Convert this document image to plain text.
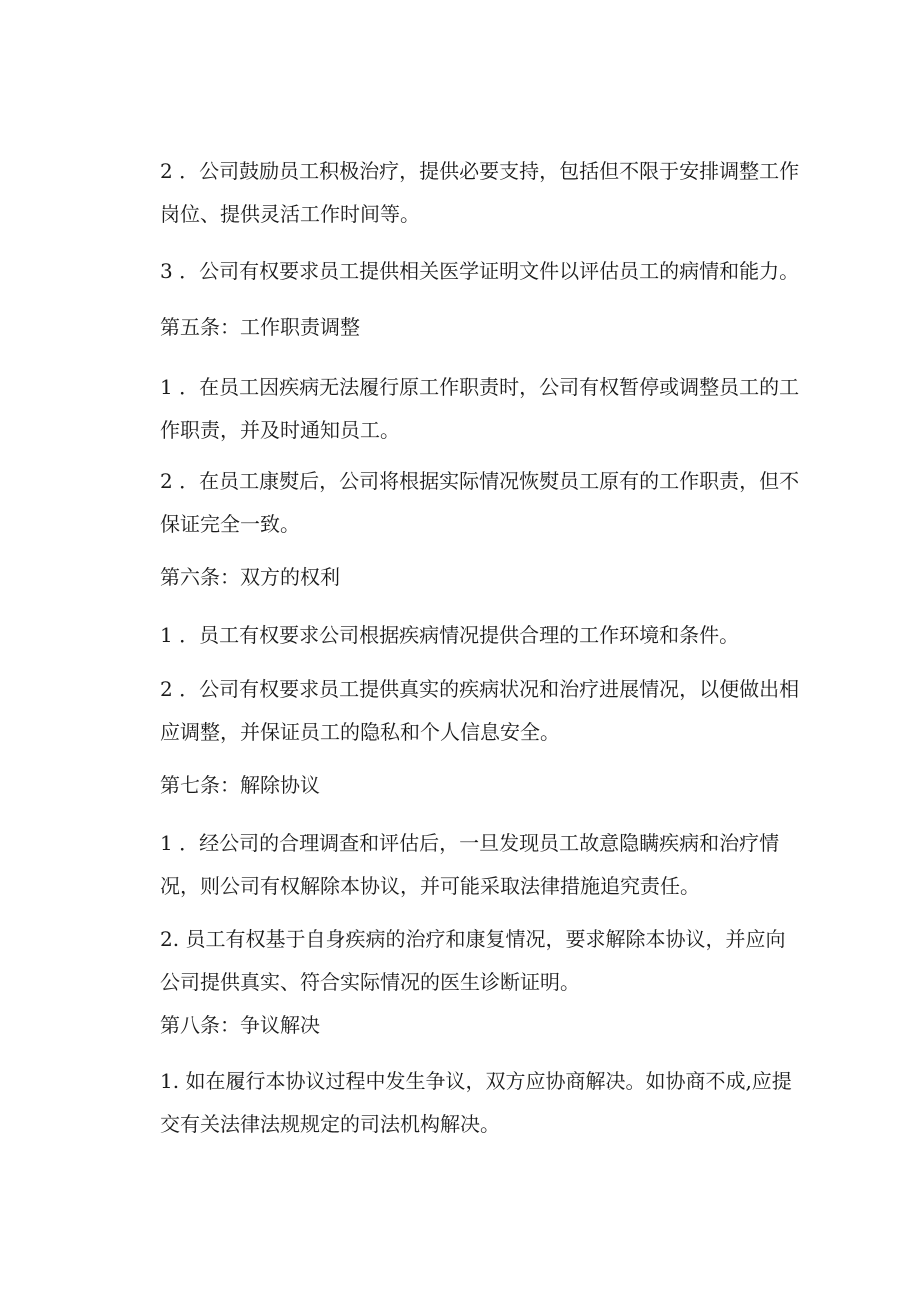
2 ．公司鼓励员工积极治疗，提供必要支持，包括但不限于安排调整工作岗位、提供灵活工作时间等。

3 ．公司有权要求员工提供相关医学证明文件以评估员工的病情和能力。

第五条：工作职责调整

1 ．在员工因疾病无法履行原工作职责时，公司有权暂停或调整员工的工作职责，并及时通知员工。

2 ．在员工康熨后，公司将根据实际情况恢熨员工原有的工作职责，但不保证完全一致。

第六条：双方的权利

1 ．员工有权要求公司根据疾病情况提供合理的工作环境和条件。

2 ．公司有权要求员工提供真实的疾病状况和治疗进展情况，以便做出相应调整，并保证员工的隐私和个人信息安全。

第七条：解除协议

1 ．经公司的合理调查和评估后，一旦发现员工故意隐瞒疾病和治疗情况，则公司有权解除本协议，并可能采取法律措施追究责任。

2. 员工有权基于自身疾病的治疗和康复情况，要求解除本协议，并应向公司提供真实、符合实际情况的医生诊断证明。

第八条：争议解决

1. 如在履行本协议过程中发生争议，双方应协商解决。如协商不成,应提交有关法律法规规定的司法机构解决。
